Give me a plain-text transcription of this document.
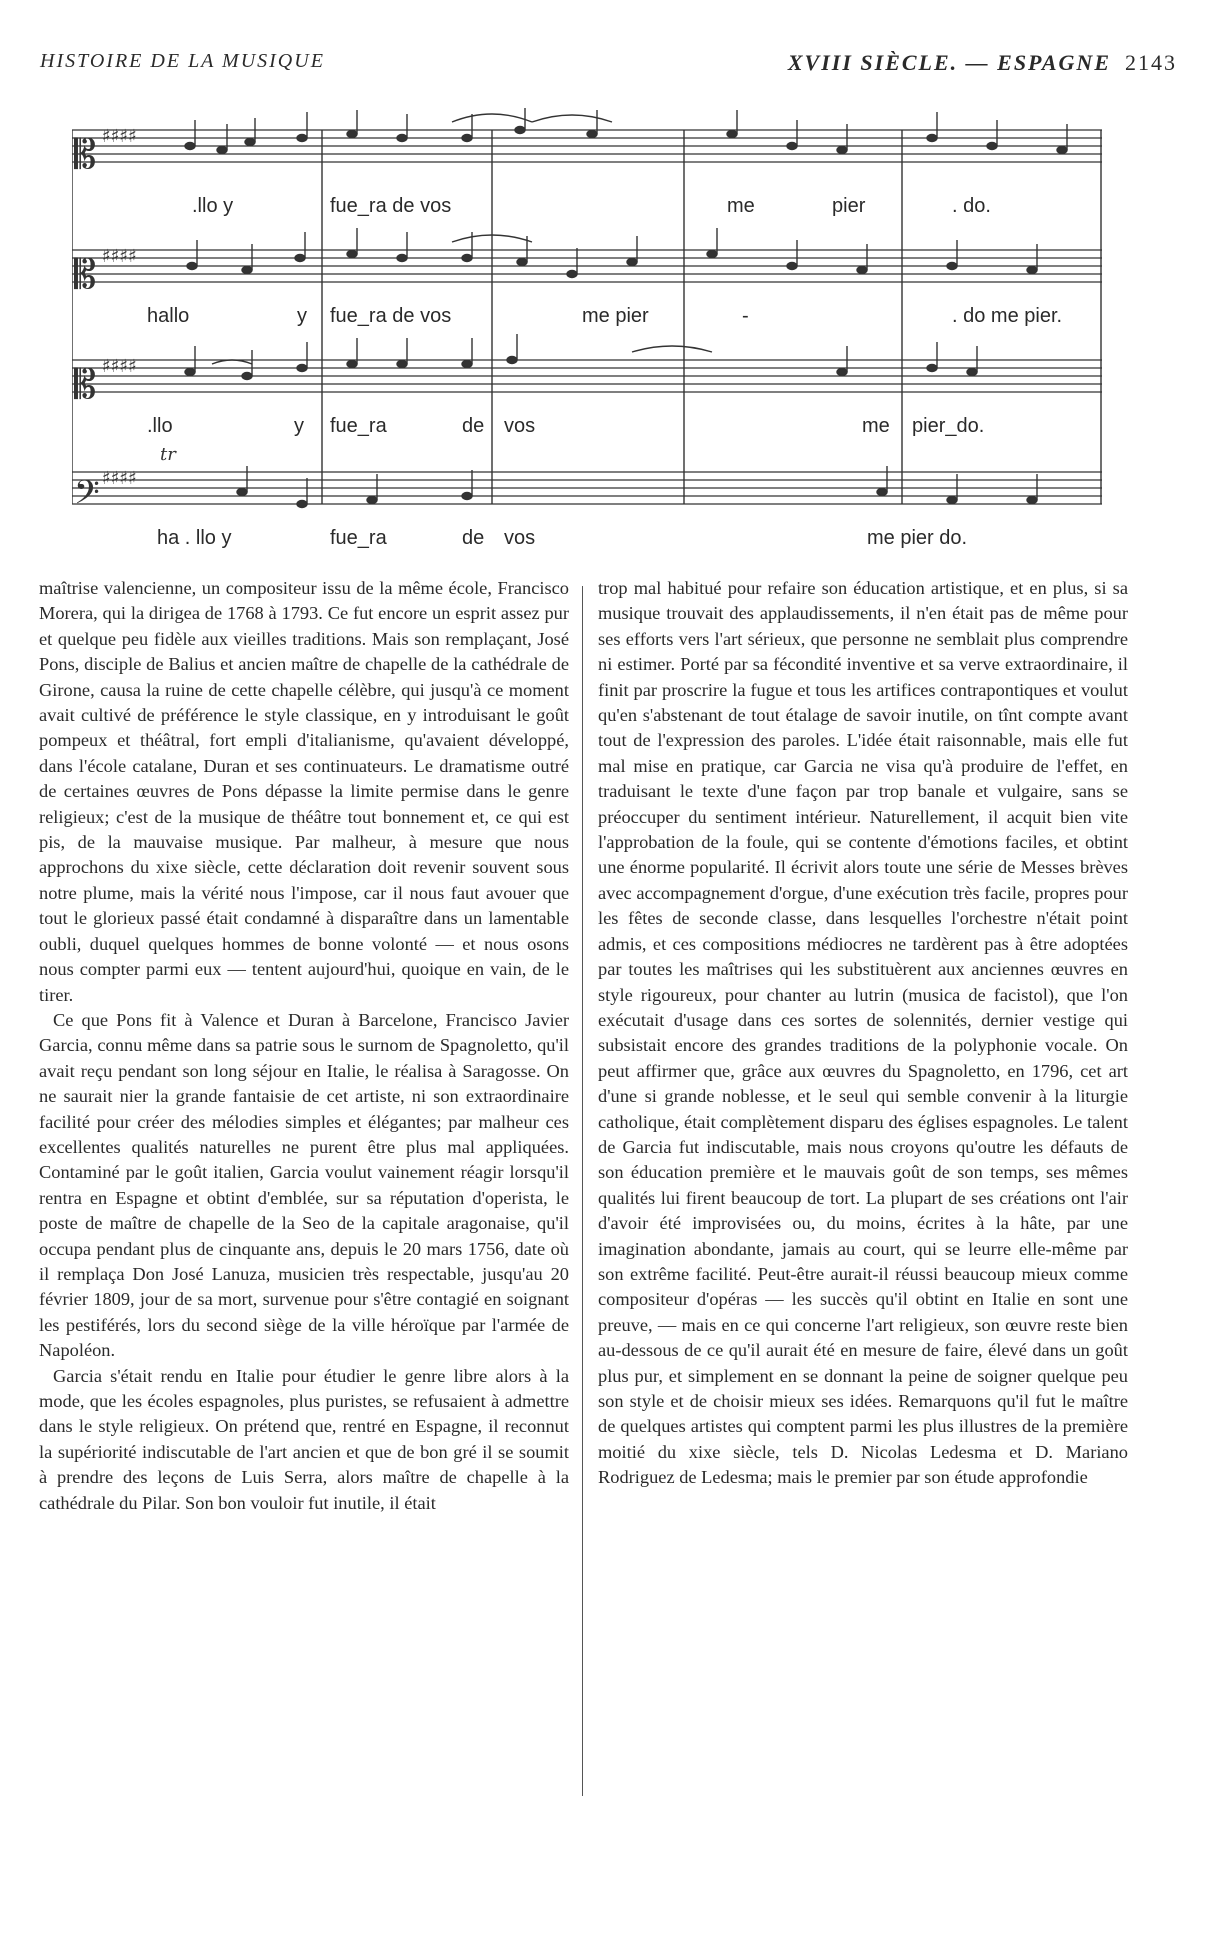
HISTOIRE DE LA MUSIQUE	XVIII SIÈCLE. — ESPAGNE 2143
𝄡
𝄡
𝄡
𝄢
♯♯♯♯
♯♯♯♯
♯♯♯♯
♯♯♯♯
tr
.llo y	fue_ra de vos	me	pier	. do.
hallo	y fue_ra de vos	me pier	-	. do me pier.
.llo	y fue_ra	de vos	me pier_do.
ha . llo y	fue_ra	de vos	me pier do.

maîtrise valencienne, un compositeur issu de la même école, Francisco Morera, qui la dirigea de 1768 à 1793. Ce fut encore un esprit assez pur et quelque peu fidèle aux vieilles traditions. Mais son remplaçant, José Pons, disciple de Balius et ancien maître de chapelle de la cathédrale de Girone, causa la ruine de cette chapelle célèbre, qui jusqu'à ce moment avait cultivé de préférence le style classique, en y introduisant le goût pompeux et théâtral, fort empli d'italianisme, qu'avaient développé, dans l'école catalane, Duran et ses continuateurs. Le dramatisme outré de certaines œuvres de Pons dépasse la limite permise dans le genre religieux; c'est de la musique de théâtre tout bonnement et, ce qui est pis, de la mauvaise musique. Par malheur, à mesure que nous approchons du xixe siècle, cette déclaration doit revenir souvent sous notre plume, mais la vérité nous l'impose, car il nous faut avouer que tout le glorieux passé était condamné à disparaître dans un lamentable oubli, duquel quelques hommes de bonne volonté — et nous osons nous compter parmi eux — tentent aujourd'hui, quoique en vain, de le tirer.

Ce que Pons fit à Valence et Duran à Barcelone, Francisco Javier Garcia, connu même dans sa patrie sous le surnom de Spagnoletto, qu'il avait reçu pendant son long séjour en Italie, le réalisa à Saragosse. On ne saurait nier la grande fantaisie de cet artiste, ni son extraordinaire facilité pour créer des mélodies simples et élégantes; par malheur ces excellentes qualités naturelles ne purent être plus mal appliquées. Contaminé par le goût italien, Garcia voulut vainement réagir lorsqu'il rentra en Espagne et obtint d'emblée, sur sa réputation d'operista, le poste de maître de chapelle de la Seo de la capitale aragonaise, qu'il occupa pendant plus de cinquante ans, depuis le 20 mars 1756, date où il remplaça Don José Lanuza, musicien très respectable, jusqu'au 20 février 1809, jour de sa mort, survenue pour s'être contagié en soignant les pestiférés, lors du second siège de la ville héroïque par l'armée de Napoléon.

Garcia s'était rendu en Italie pour étudier le genre libre alors à la mode, que les écoles espagnoles, plus puristes, se refusaient à admettre dans le style religieux. On prétend que, rentré en Espagne, il reconnut la supériorité indiscutable de l'art ancien et que de bon gré il se soumit à prendre des leçons de Luis Serra, alors maître de chapelle à la cathédrale du Pilar. Son bon vouloir fut inutile, il était

trop mal habitué pour refaire son éducation artistique, et en plus, si sa musique trouvait des applaudissements, il n'en était pas de même pour ses efforts vers l'art sérieux, que personne ne semblait plus comprendre ni estimer. Porté par sa fécondité inventive et sa verve extraordinaire, il finit par proscrire la fugue et tous les artifices contrapontiques et voulut qu'en s'abstenant de tout étalage de savoir inutile, on tînt compte avant tout de l'expression des paroles. L'idée était raisonnable, mais elle fut mal mise en pratique, car Garcia ne visa qu'à produire de l'effet, en traduisant le texte d'une façon par trop banale et vulgaire, sans se préoccuper du sentiment intérieur. Naturellement, il acquit bien vite l'approbation de la foule, qui se contente d'émotions faciles, et obtint une énorme popularité. Il écrivit alors toute une série de Messes brèves avec accompagnement d'orgue, d'une exécution très facile, propres pour les fêtes de seconde classe, dans lesquelles l'orchestre n'était point admis, et ces compositions médiocres ne tardèrent pas à être adoptées par toutes les maîtrises qui les substituèrent aux anciennes œuvres en style rigoureux, pour chanter au lutrin (musica de facistol), que l'on exécutait d'usage dans ces sortes de solennités, dernier vestige qui subsistait encore des grandes traditions de la polyphonie vocale. On peut affirmer que, grâce aux œuvres du Spagnoletto, en 1796, cet art d'une si grande noblesse, et le seul qui semble convenir à la liturgie catholique, était complètement disparu des églises espagnoles. Le talent de Garcia fut indiscutable, mais nous croyons qu'outre les défauts de son éducation première et le mauvais goût de son temps, ses mêmes qualités lui firent beaucoup de tort. La plupart de ses créations ont l'air d'avoir été improvisées ou, du moins, écrites à la hâte, par une imagination abondante, jamais au court, qui se leurre elle-même par son extrême facilité. Peut-être aurait-il réussi beaucoup mieux comme compositeur d'opéras — les succès qu'il obtint en Italie en sont une preuve, — mais en ce qui concerne l'art religieux, son œuvre reste bien au-dessous de ce qu'il aurait été en mesure de faire, élevé dans un goût plus pur, et simplement en se donnant la peine de soigner quelque peu son style et de choisir mieux ses idées. Remarquons qu'il fut le maître de quelques artistes qui comptent parmi les plus illustres de la première moitié du xixe siècle, tels D. Nicolas Ledesma et D. Mariano Rodriguez de Ledesma; mais le premier par son étude approfondie
